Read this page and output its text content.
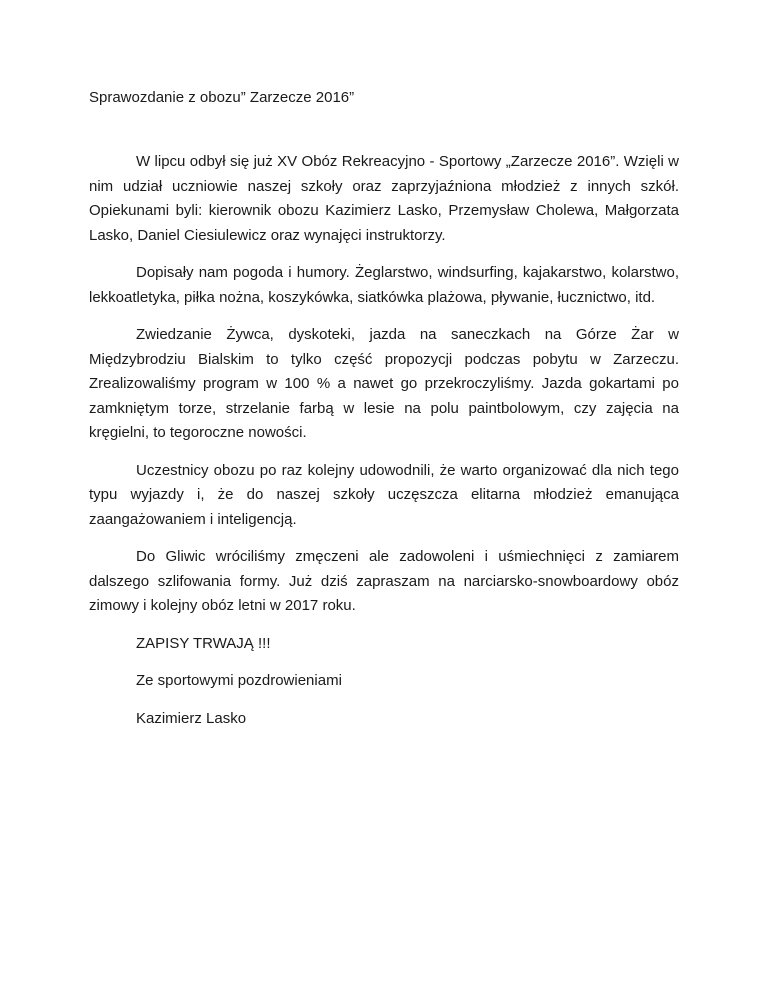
Sprawozdanie z obozu” Zarzecze 2016”

W lipcu odbył się już XV Obóz Rekreacyjno - Sportowy „Zarzecze 2016”. Wzięli w nim udział uczniowie naszej szkoły oraz zaprzyjaźniona młodzież z innych szkół. Opiekunami byli: kierownik obozu Kazimierz Lasko, Przemysław Cholewa, Małgorzata Lasko, Daniel Ciesiulewicz oraz wynajęci instruktorzy.

Dopisały nam pogoda i humory. Żeglarstwo, windsurfing, kajakarstwo, kolarstwo, lekkoatletyka, piłka nożna, koszykówka, siatkówka plażowa, pływanie, łucznictwo, itd.

Zwiedzanie Żywca, dyskoteki, jazda na saneczkach na Górze Żar w Międzybrodziu Bialskim to tylko część propozycji podczas pobytu w Zarzeczu. Zrealizowaliśmy program w 100 % a nawet go przekroczyliśmy. Jazda gokartami po zamkniętym torze, strzelanie farbą w lesie na polu paintbolowym, czy zajęcia na kręgielni, to tegoroczne nowości.

Uczestnicy obozu po raz kolejny udowodnili, że warto organizować dla nich tego typu wyjazdy i, że do naszej szkoły uczęszcza elitarna młodzież emanująca zaangażowaniem i inteligencją.

Do Gliwic wróciliśmy zmęczeni ale zadowoleni i uśmiechnięci z zamiarem dalszego szlifowania formy. Już dziś zapraszam na narciarsko-snowboardowy obóz zimowy i kolejny obóz letni w 2017 roku.

ZAPISY TRWAJĄ !!!

Ze sportowymi pozdrowieniami

Kazimierz Lasko
